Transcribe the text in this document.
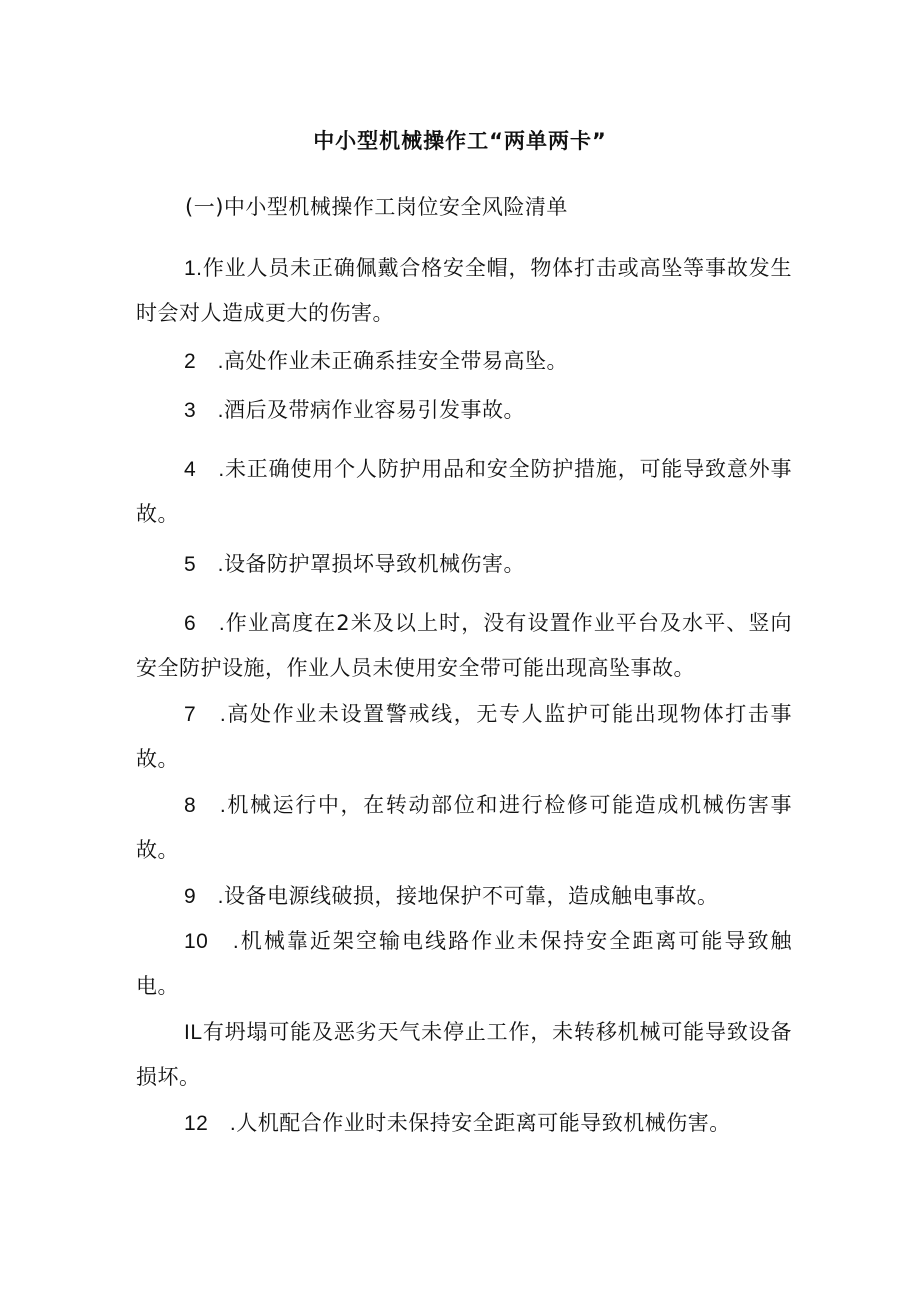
中小型机械操作工“两单两卡”
(一)中小型机械操作工岗位安全风险清单

1.作业人员未正确佩戴合格安全帽，物体打击或高坠等事故发生时会对人造成更大的伤害。

2　.高处作业未正确系挂安全带易高坠。

3　.酒后及带病作业容易引发事故。

4　.未正确使用个人防护用品和安全防护措施，可能导致意外事故。

5　.设备防护罩损坏导致机械伤害。

6　.作业高度在2米及以上时，没有设置作业平台及水平、竖向安全防护设施，作业人员未使用安全带可能出现高坠事故。

7　.高处作业未设置警戒线，无专人监护可能出现物体打击事故。

8　.机械运行中，在转动部位和进行检修可能造成机械伤害事故。

9　.设备电源线破损，接地保护不可靠，造成触电事故。

10　.机械靠近架空输电线路作业未保持安全距离可能导致触电。

IL有坍塌可能及恶劣天气未停止工作，未转移机械可能导致设备损坏。

12　.人机配合作业时未保持安全距离可能导致机械伤害。
